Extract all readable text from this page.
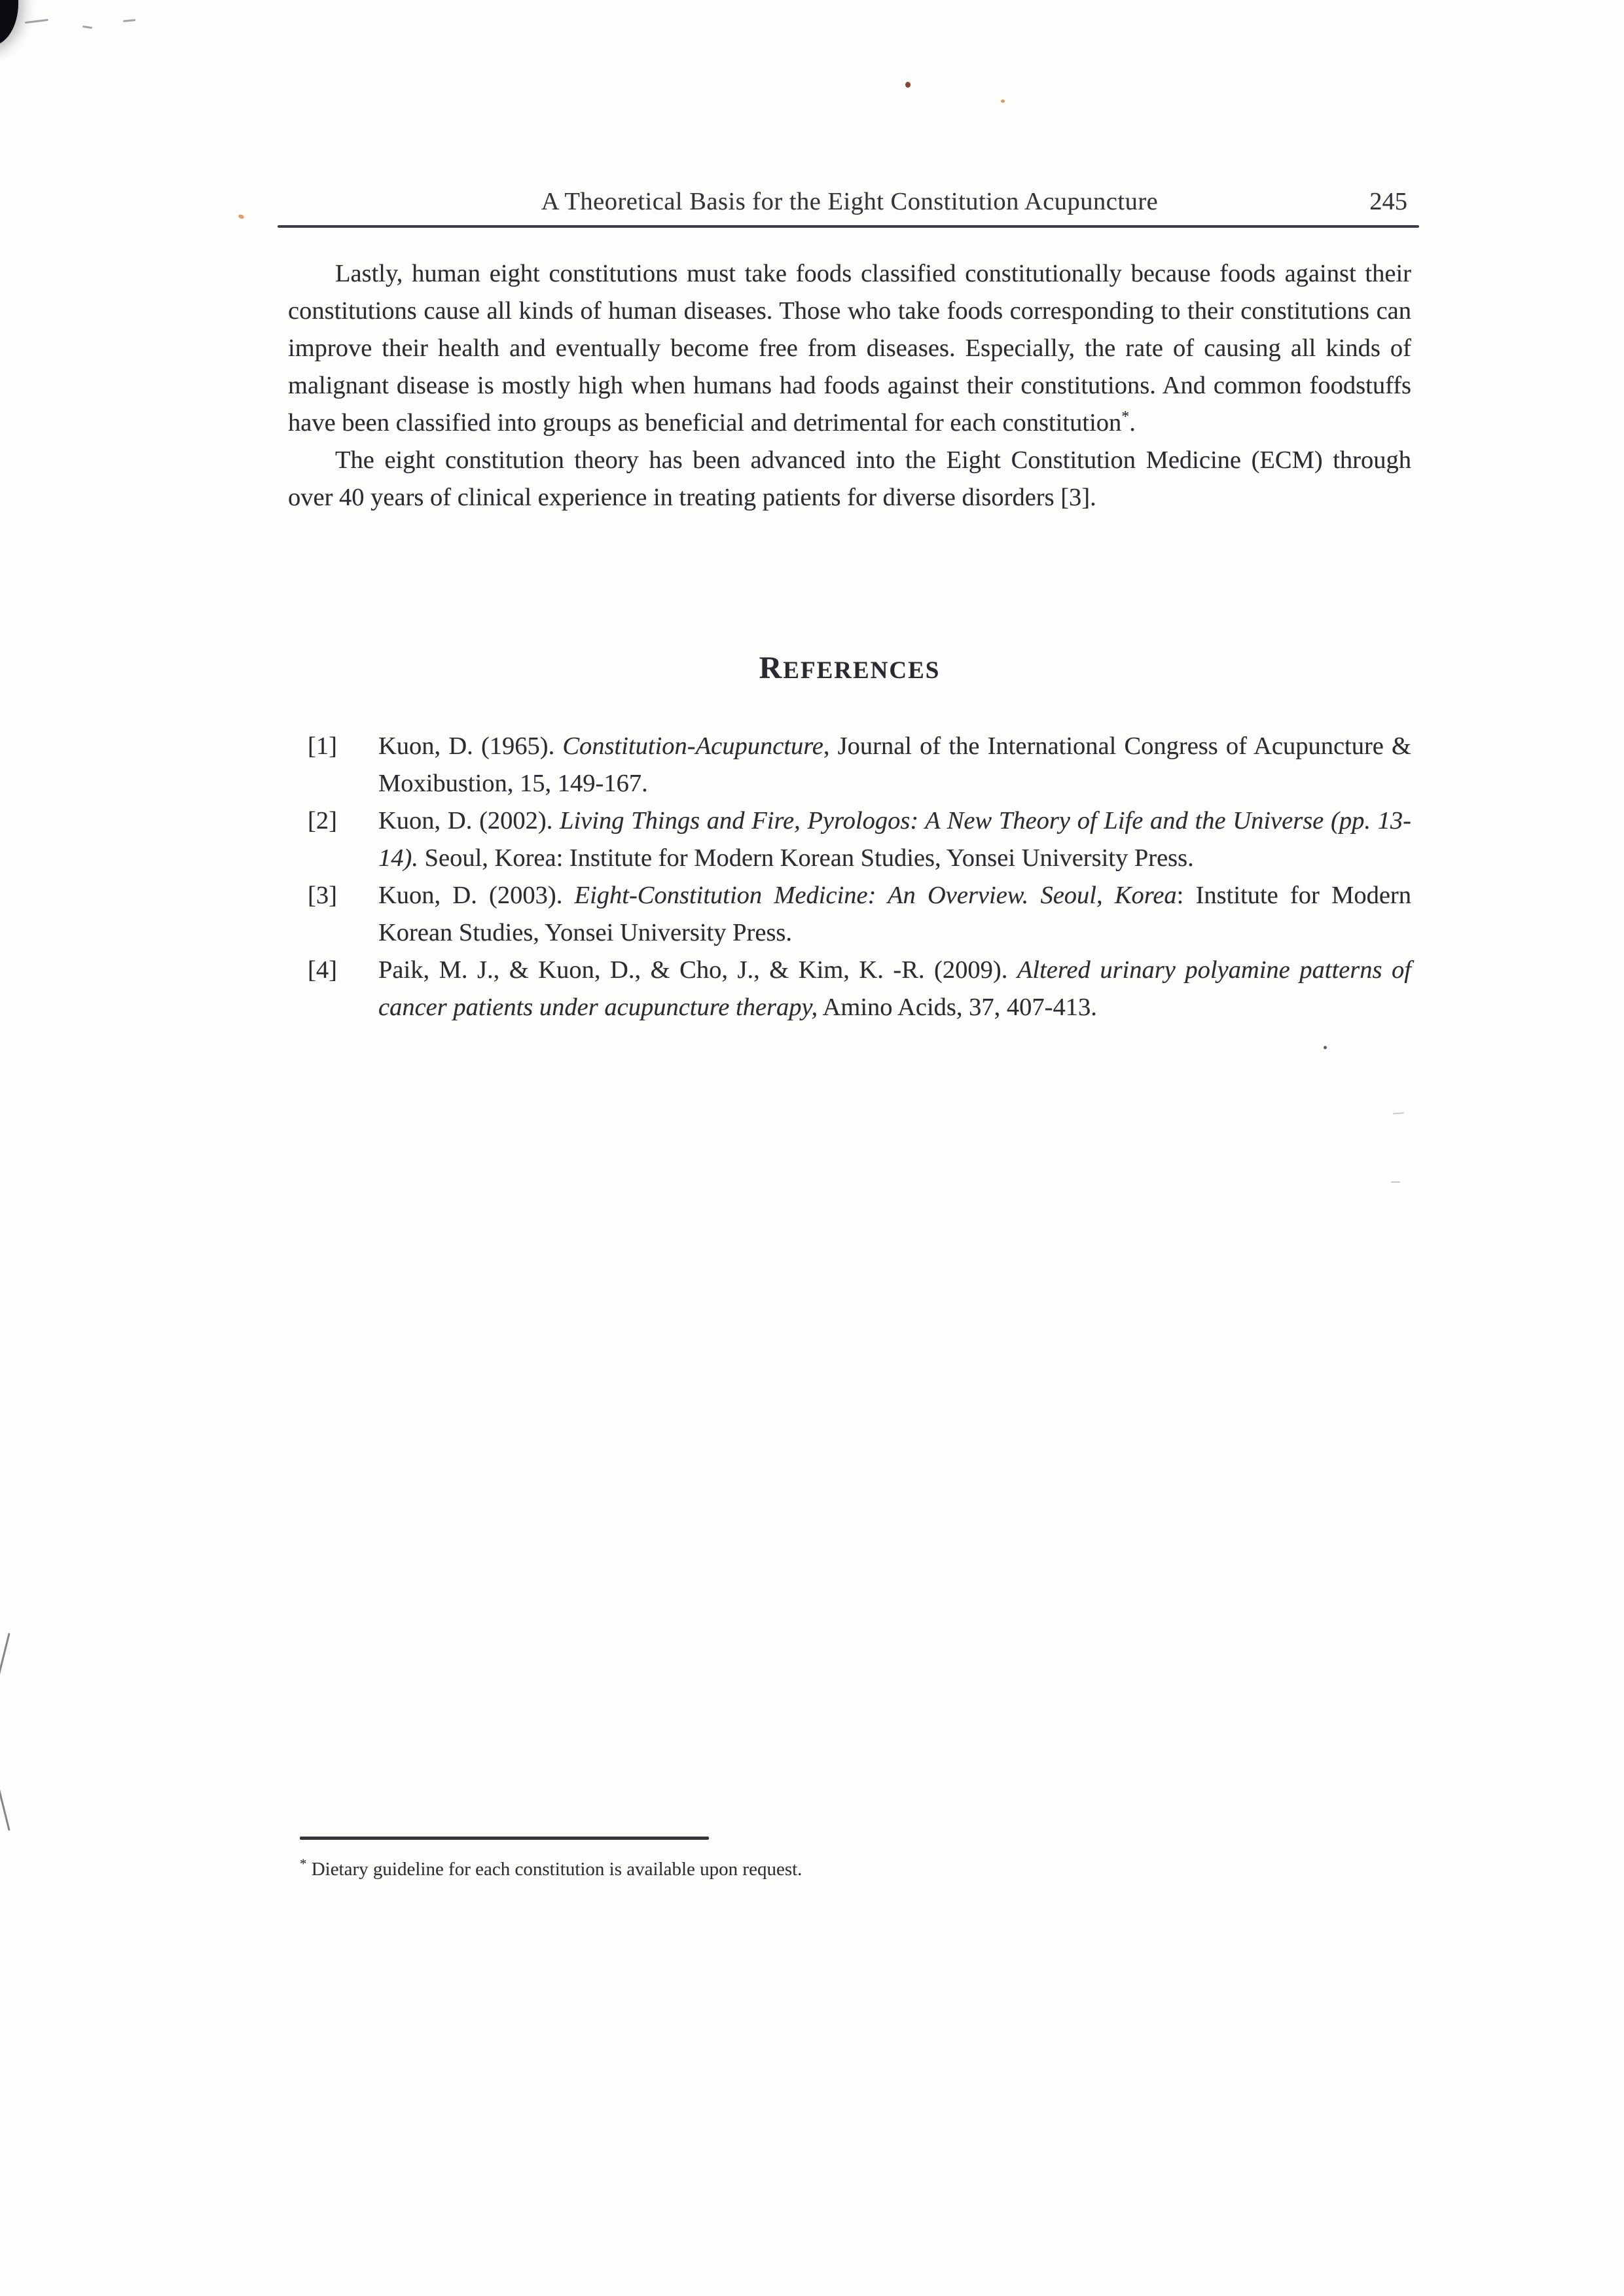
A Theoretical Basis for the Eight Constitution Acupuncture	245

Lastly, human eight constitutions must take foods classified constitutionally because foods against their constitutions cause all kinds of human diseases. Those who take foods corresponding to their constitutions can improve their health and eventually become free from diseases. Especially, the rate of causing all kinds of malignant disease is mostly high when humans had foods against their constitutions. And common foodstuffs have been classified into groups as beneficial and detrimental for each constitution*.

The eight constitution theory has been advanced into the Eight Constitution Medicine (ECM) through over 40 years of clinical experience in treating patients for diverse disorders [3].

REFERENCES

[1] Kuon, D. (1965). Constitution-Acupuncture, Journal of the International Congress of Acupuncture & Moxibustion, 15, 149-167.

[2] Kuon, D. (2002). Living Things and Fire, Pyrologos: A New Theory of Life and the Universe (pp. 13-14). Seoul, Korea: Institute for Modern Korean Studies, Yonsei University Press.

[3] Kuon, D. (2003). Eight-Constitution Medicine: An Overview. Seoul, Korea: Institute for Modern Korean Studies, Yonsei University Press.

[4] Paik, M. J., & Kuon, D., & Cho, J., & Kim, K. -R. (2009). Altered urinary polyamine patterns of cancer patients under acupuncture therapy, Amino Acids, 37, 407-413.

* Dietary guideline for each constitution is available upon request.
